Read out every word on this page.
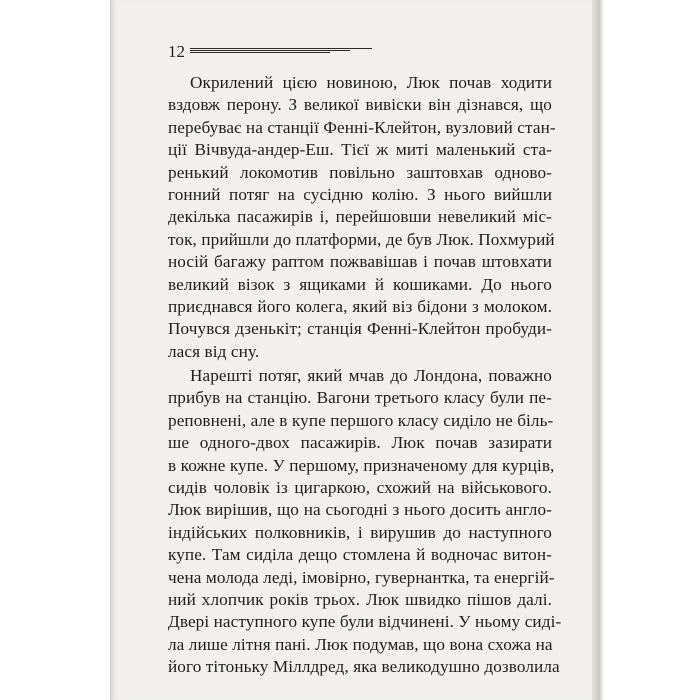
12
Окрилений цією новиною, Люк почав ходити
вздовж перону. З великої вивіски він дізнався, що
перебуває на станції Фенні-Клейтон, вузловий стан-
ції Вічвуда-андер-Еш. Тієї ж миті маленький ста-
ренький локомотив повільно заштовхав одново-
гонний потяг на сусідню колію. З нього вийшли
декілька пасажирів і, перейшовши невеликий міс-
ток, прийшли до платформи, де був Люк. Похмурий
носій багажу раптом пожвавішав і почав штовхати
великий візок з ящиками й кошиками. До нього
приєднався його колега, який віз бідони з молоком.
Почувся дзенькіт; станція Фенні-Клейтон пробуди-
лася від сну.
Нарешті потяг, який мчав до Лондона, поважно
прибув на станцію. Вагони третього класу були пе-
реповнені, але в купе першого класу сиділо не біль-
ше одного-двох пасажирів. Люк почав зазирати
в кожне купе. У першому, призначеному для курців,
сидів чоловік із цигаркою, схожий на військового.
Люк вирішив, що на сьогодні з нього досить англо-
індійських полковників, і вирушив до наступного
купе. Там сиділа дещо стомлена й водночас витон-
чена молода леді, імовірно, гувернантка, та енергій-
ний хлопчик років трьох. Люк швидко пішов далі.
Двері наступного купе були відчинені. У ньому сиді-
ла лише літня пані. Люк подумав, що вона схожа на
його тітоньку Міллдред, яка великодушно дозволила
